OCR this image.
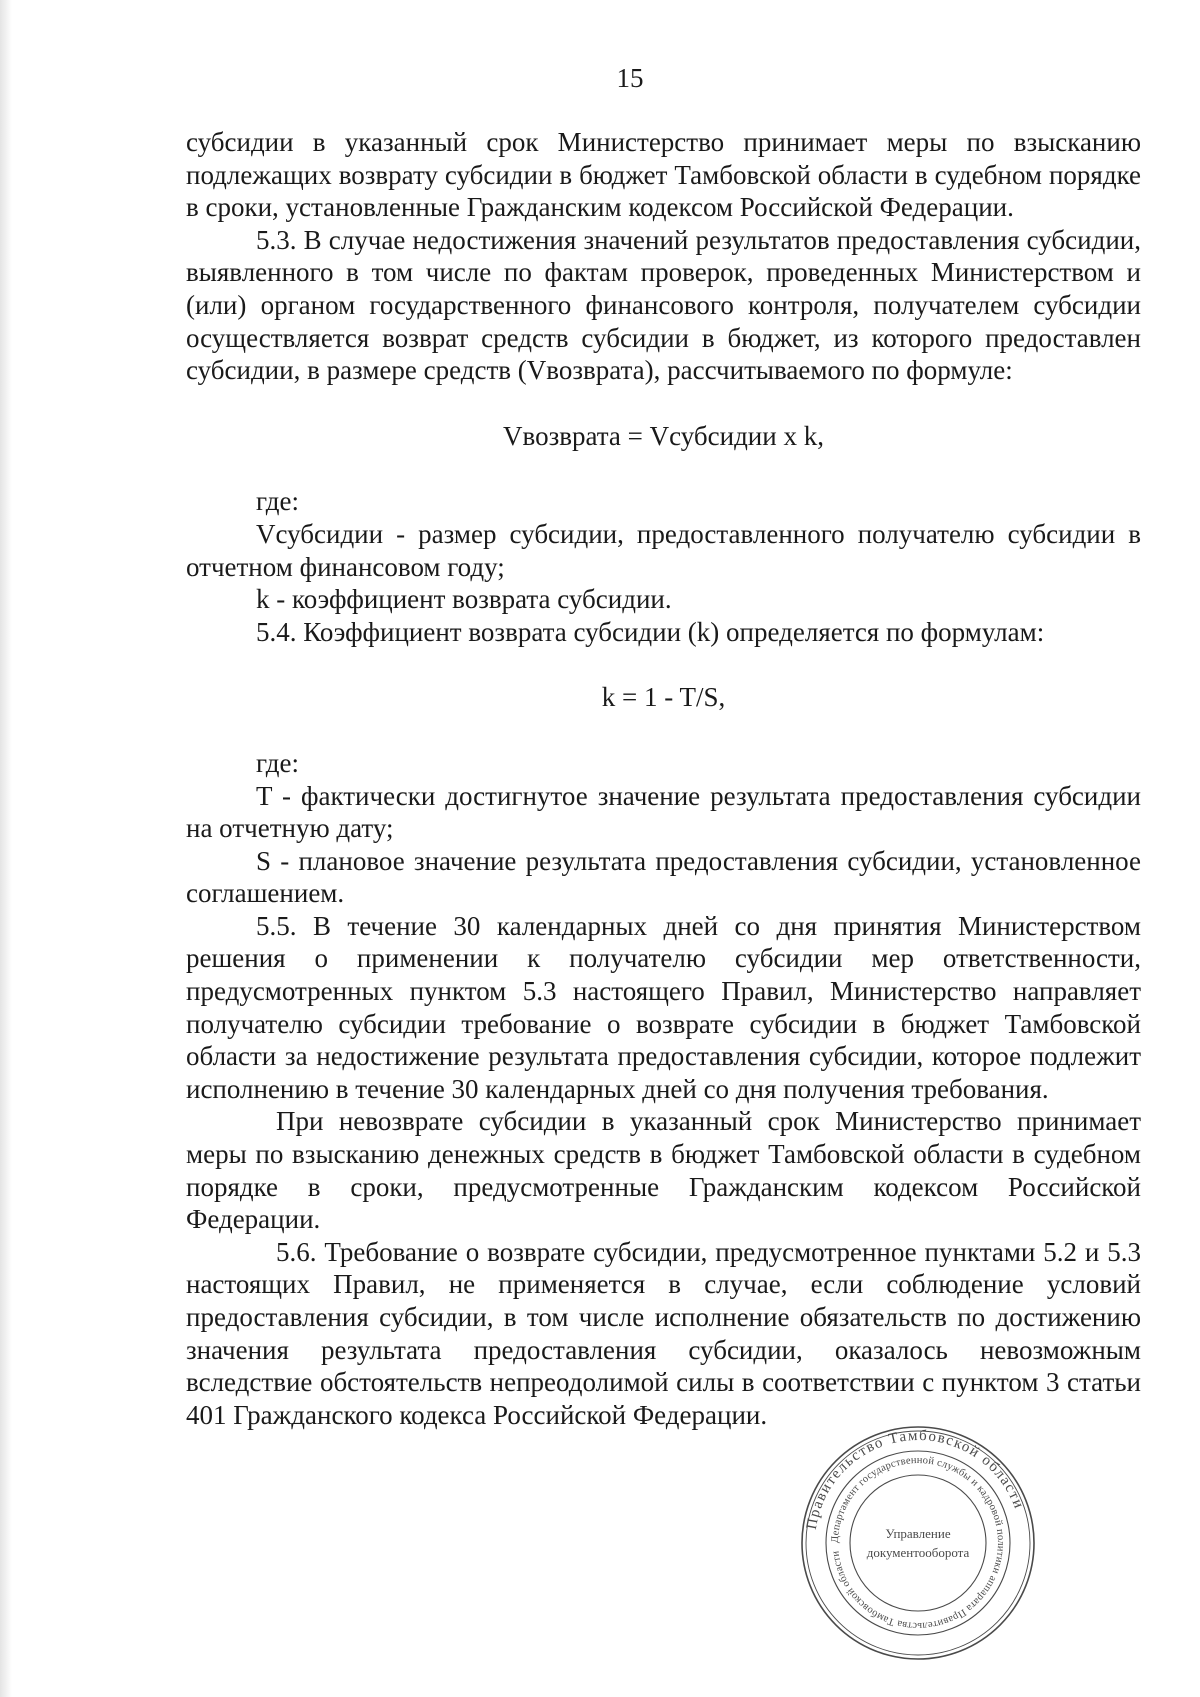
15

субсидии в указанный срок Министерство принимает меры по взысканию подлежащих возврату субсидии в бюджет Тамбовской области в судебном порядке в сроки, установленные Гражданским кодексом Российской Федерации.

5.3. В случае недостижения значений результатов предоставления субсидии, выявленного в том числе по фактам проверок, проведенных Министерством и (или) органом государственного финансового контроля, получателем субсидии осуществляется возврат средств субсидии в бюджет, из которого предоставлен субсидии, в размере средств (Vвозврата), рассчитываемого по формуле:

Vвозврата = Vсубсидии x k,

где:

Vсубсидии - размер субсидии, предоставленного получателю субсидии в отчетном финансовом году;

k - коэффициент возврата субсидии.

5.4. Коэффициент возврата субсидии (k) определяется по формулам:

k = 1 - T/S,

где:

T - фактически достигнутое значение результата предоставления субсидии на отчетную дату;

S - плановое значение результата предоставления субсидии, установленное соглашением.

5.5. В течение 30 календарных дней со дня принятия Министерством решения о применении к получателю субсидии мер ответственности, предусмотренных пунктом 5.3 настоящего Правил, Министерство направляет получателю субсидии требование о возврате субсидии в бюджет Тамбовской области за недостижение результата предоставления субсидии, которое подлежит исполнению в течение 30 календарных дней со дня получения требования.

При невозврате субсидии в указанный срок Министерство принимает меры по взысканию денежных средств в бюджет Тамбовской области в судебном порядке в сроки, предусмотренные Гражданским кодексом Российской Федерации.

5.6. Требование о возврате субсидии, предусмотренное пунктами 5.2 и 5.3 настоящих Правил, не применяется в случае, если соблюдение условий предоставления субсидии, в том числе исполнение обязательств по достижению значения результата предоставления субсидии, оказалось невозможным вследствие обстоятельств непреодолимой силы в соответствии с пунктом 3 статьи 401 Гражданского кодекса Российской Федерации.

Правительство Тамбовской области
Департамент государственной службы и кадровой политики аппарата Правительства Тамбовской области
Управление
документооборота
